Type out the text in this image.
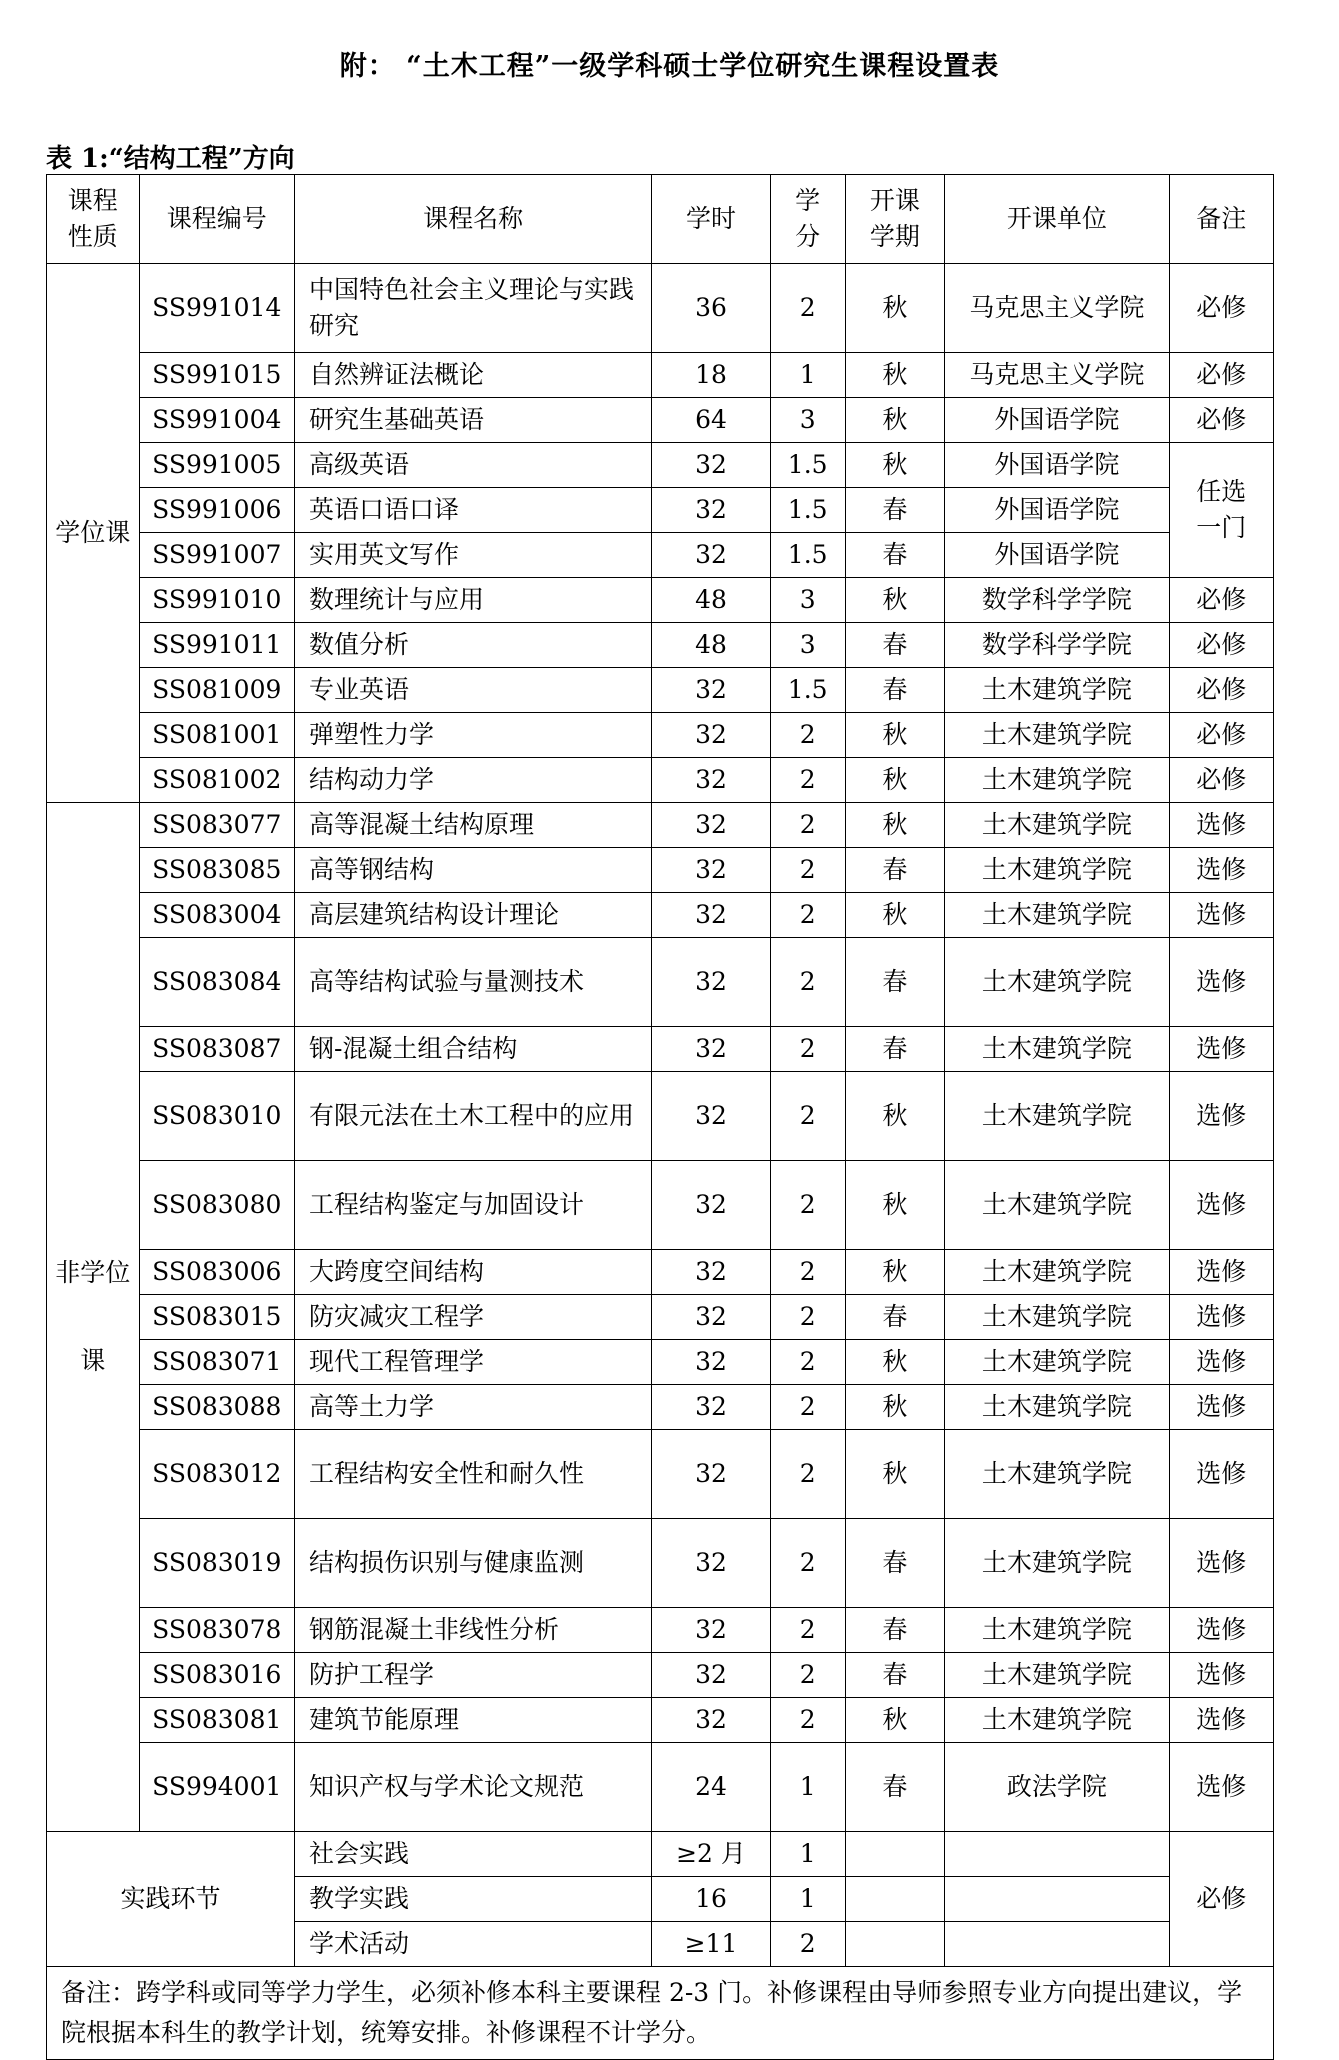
附： “土木工程”一级学科硕士学位研究生课程设置表
表 1:“结构工程”方向
课程性质	课程编号	课程名称	学时	学分	开课学期	开课单位	备注
学位课	SS991014	中国特色社会主义理论与实践研究	36	2	秋	马克思主义学院	必修
	SS991015	自然辨证法概论	18	1	秋	马克思主义学院	必修
	SS991004	研究生基础英语	64	3	秋	外国语学院	必修
	SS991005	高级英语	32	1.5	秋	外国语学院	任选一门
	SS991006	英语口语口译	32	1.5	春	外国语学院	
	SS991007	实用英文写作	32	1.5	春	外国语学院	
	SS991010	数理统计与应用	48	3	秋	数学科学学院	必修
	SS991011	数值分析	48	3	春	数学科学学院	必修
	SS081009	专业英语	32	1.5	春	土木建筑学院	必修
	SS081001	弹塑性力学	32	2	秋	土木建筑学院	必修
	SS081002	结构动力学	32	2	秋	土木建筑学院	必修
非学位课	SS083077	高等混凝土结构原理	32	2	秋	土木建筑学院	选修
	SS083085	高等钢结构	32	2	春	土木建筑学院	选修
	SS083004	高层建筑结构设计理论	32	2	秋	土木建筑学院	选修
	SS083084	高等结构试验与量测技术	32	2	春	土木建筑学院	选修
	SS083087	钢-混凝土组合结构	32	2	春	土木建筑学院	选修
	SS083010	有限元法在土木工程中的应用	32	2	秋	土木建筑学院	选修
	SS083080	工程结构鉴定与加固设计	32	2	秋	土木建筑学院	选修
	SS083006	大跨度空间结构	32	2	秋	土木建筑学院	选修
	SS083015	防灾减灾工程学	32	2	春	土木建筑学院	选修
	SS083071	现代工程管理学	32	2	秋	土木建筑学院	选修
	SS083088	高等土力学	32	2	秋	土木建筑学院	选修
	SS083012	工程结构安全性和耐久性	32	2	秋	土木建筑学院	选修
	SS083019	结构损伤识别与健康监测	32	2	春	土木建筑学院	选修
	SS083078	钢筋混凝土非线性分析	32	2	春	土木建筑学院	选修
	SS083016	防护工程学	32	2	春	土木建筑学院	选修
	SS083081	建筑节能原理	32	2	秋	土木建筑学院	选修
	SS994001	知识产权与学术论文规范	24	1	春	政法学院	选修
实践环节		社会实践	≥2 月	1			必修
		教学实践	16	1			
		学术活动	≥11	2			
备注：跨学科或同等学力学生，必须补修本科主要课程 2-3 门。补修课程由导师参照专业方向提出建议，学院根据本科生的教学计划，统筹安排。补修课程不计学分。							
